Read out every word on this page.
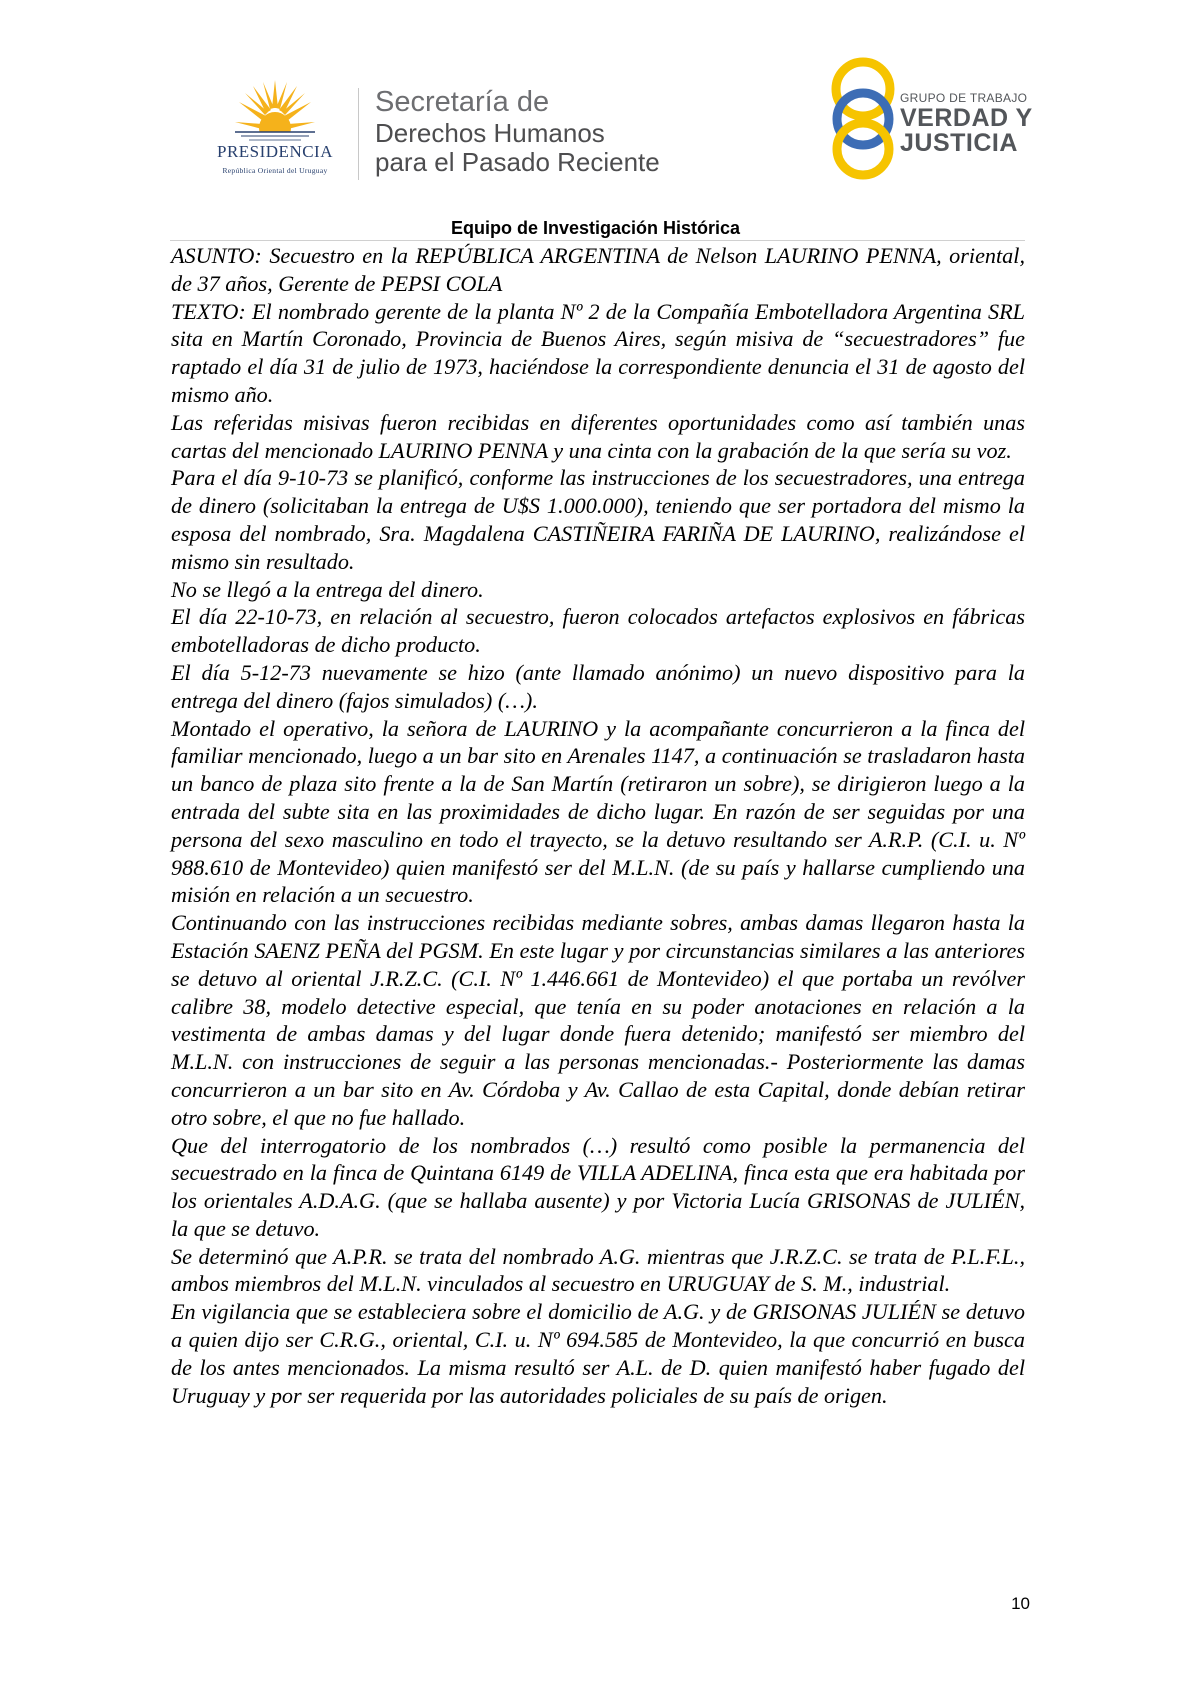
PRESIDENCIA
República Oriental del Uruguay
Secretaría de
Derechos Humanos
para el Pasado Reciente
GRUPO DE TRABAJO
VERDAD Y
JUSTICIA
Equipo de Investigación Histórica

ASUNTO: Secuestro en la REPÚBLICA ARGENTINA de Nelson LAURINO PENNA, oriental, de 37 años, Gerente de PEPSI COLA

TEXTO: El nombrado gerente de la planta Nº 2 de la Compañía Embotelladora Argentina SRL sita en Martín Coronado, Provincia de Buenos Aires, según misiva de “secuestradores” fue raptado el día 31 de julio de 1973, haciéndose la correspondiente denuncia el 31 de agosto del mismo año.

Las referidas misivas fueron recibidas en diferentes oportunidades como así también unas cartas del mencionado LAURINO PENNA y una cinta con la grabación de la que sería su voz.

Para el día 9-10-73 se planificó, conforme las instrucciones de los secuestradores, una entrega de dinero (solicitaban la entrega de U$S 1.000.000), teniendo que ser portadora del mismo la esposa del nombrado, Sra. Magdalena CASTIÑEIRA FARIÑA DE LAURINO, realizándose el mismo sin resultado.

No se llegó a la entrega del dinero.

El día 22-10-73, en relación al secuestro, fueron colocados artefactos explosivos en fábricas embotelladoras de dicho producto.

El día 5-12-73 nuevamente se hizo (ante llamado anónimo) un nuevo dispositivo para la entrega del dinero (fajos simulados) (…).

Montado el operativo, la señora de LAURINO y la acompañante concurrieron a la finca del familiar mencionado, luego a un bar sito en Arenales 1147, a continuación se trasladaron hasta un banco de plaza sito frente a la de San Martín (retiraron un sobre), se dirigieron luego a la entrada del subte sita en las proximidades de dicho lugar. En razón de ser seguidas por una persona del sexo masculino en todo el trayecto, se la detuvo resultando ser A.R.P. (C.I. u. Nº 988.610 de Montevideo) quien manifestó ser del M.L.N. (de su país y hallarse cumpliendo una misión en relación a un secuestro.

Continuando con las instrucciones recibidas mediante sobres, ambas damas llegaron hasta la Estación SAENZ PEÑA del PGSM. En este lugar y por circunstancias similares a las anteriores se detuvo al oriental J.R.Z.C. (C.I. Nº 1.446.661 de Montevideo) el que portaba un revólver calibre 38, modelo detective especial, que tenía en su poder anotaciones en relación a la vestimenta de ambas damas y del lugar donde fuera detenido; manifestó ser miembro del M.L.N. con instrucciones de seguir a las personas mencionadas.- Posteriormente las damas concurrieron a un bar sito en Av. Córdoba y Av. Callao de esta Capital, donde debían retirar otro sobre, el que no fue hallado.

Que del interrogatorio de los nombrados (…) resultó como posible la permanencia del secuestrado en la finca de Quintana 6149 de VILLA ADELINA, finca esta que era habitada por los orientales A.D.A.G. (que se hallaba ausente) y por Victoria Lucía GRISONAS de JULIÉN, la que se detuvo.

Se determinó que A.P.R. se trata del nombrado A.G. mientras que J.R.Z.C. se trata de P.L.F.L., ambos miembros del M.L.N. vinculados al secuestro en URUGUAY de S. M., industrial.

En vigilancia que se estableciera sobre el domicilio de A.G. y de GRISONAS JULIÉN se detuvo a quien dijo ser C.R.G., oriental, C.I. u. Nº 694.585 de Montevideo, la que concurrió en busca de los antes mencionados. La misma resultó ser A.L. de D. quien manifestó haber fugado del Uruguay y por ser requerida por las autoridades policiales de su país de origen.

10
